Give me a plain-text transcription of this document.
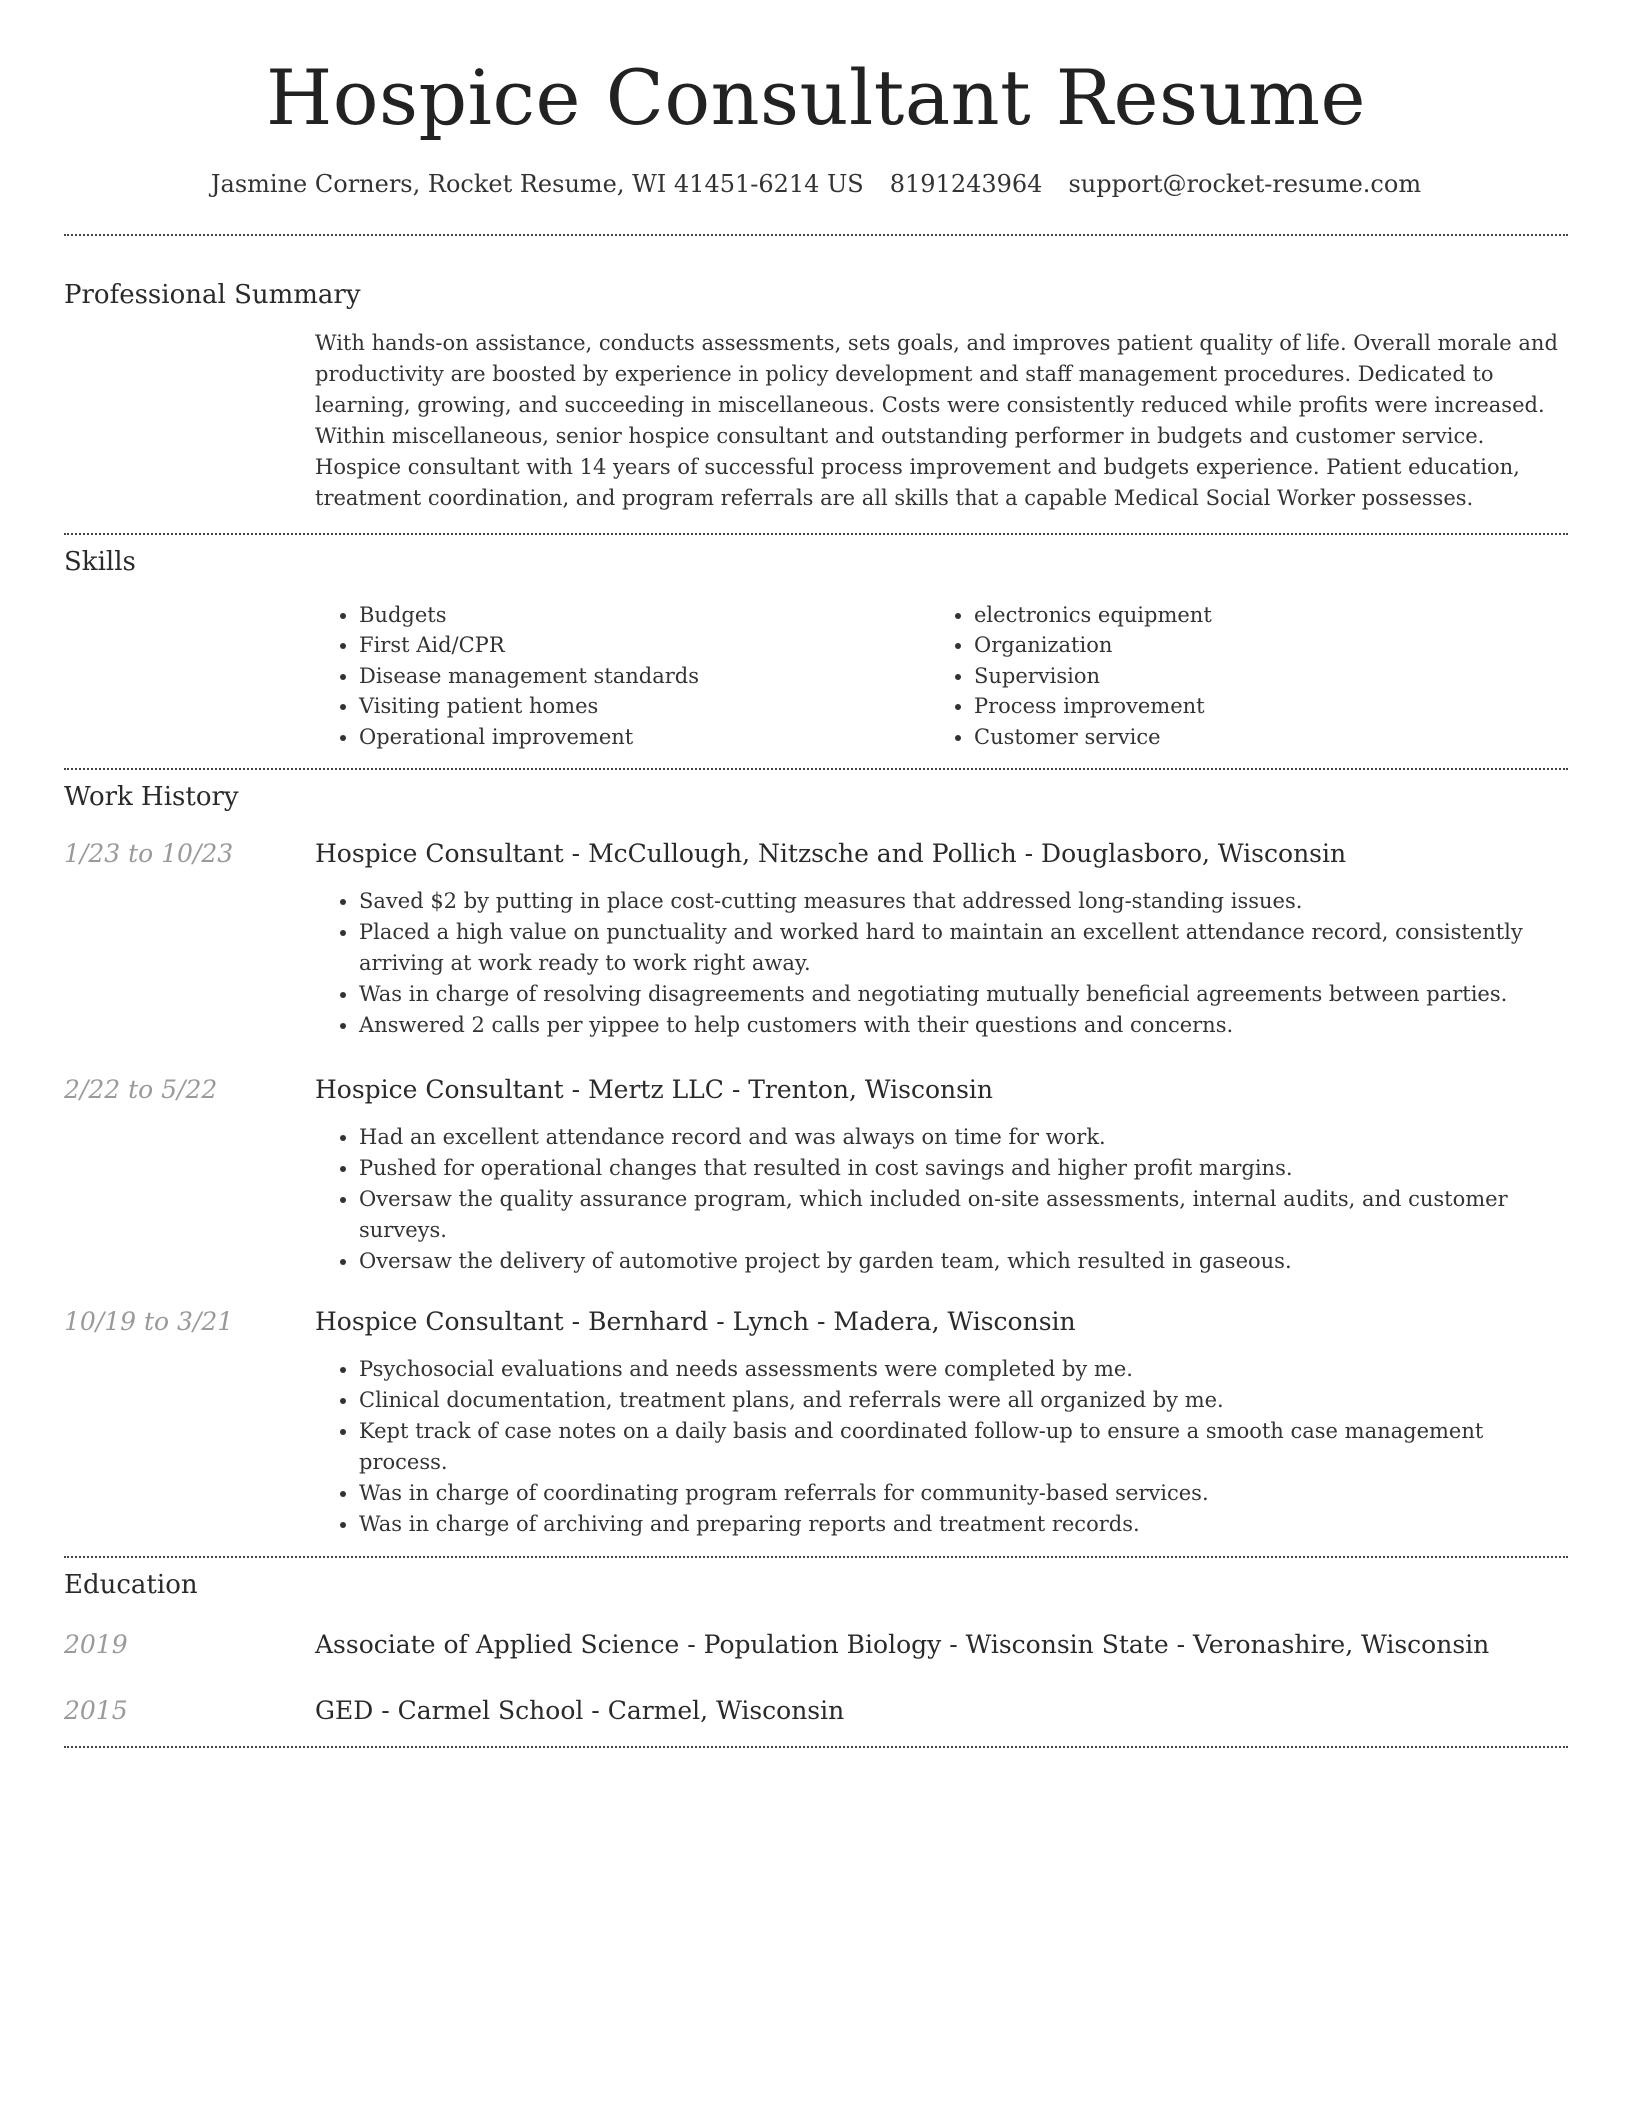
Hospice Consultant Resume
Jasmine Corners, Rocket Resume, WI 41451-6214 US 8191243964 support@rocket-resume.com
Professional Summary
With hands-on assistance, conducts assessments, sets goals, and improves patient quality of life. Overall morale and productivity are boosted by experience in policy development and staff management procedures. Dedicated to learning, growing, and succeeding in miscellaneous. Costs were consistently reduced while profits were increased. Within miscellaneous, senior hospice consultant and outstanding performer in budgets and customer service. Hospice consultant with 14 years of successful process improvement and budgets experience. Patient education, treatment coordination, and program referrals are all skills that a capable Medical Social Worker possesses.
Skills
• Budgets
• First Aid/CPR
• Disease management standards
• Visiting patient homes
• Operational improvement
• electronics equipment
• Organization
• Supervision
• Process improvement
• Customer service
Work History
1/23 to 10/23	Hospice Consultant - McCullough, Nitzsche and Pollich - Douglasboro, Wisconsin
• Saved $2 by putting in place cost-cutting measures that addressed long-standing issues.
• Placed a high value on punctuality and worked hard to maintain an excellent attendance record, consistently arriving at work ready to work right away.
• Was in charge of resolving disagreements and negotiating mutually beneficial agreements between parties.
• Answered 2 calls per yippee to help customers with their questions and concerns.
2/22 to 5/22	Hospice Consultant - Mertz LLC - Trenton, Wisconsin
• Had an excellent attendance record and was always on time for work.
• Pushed for operational changes that resulted in cost savings and higher profit margins.
• Oversaw the quality assurance program, which included on-site assessments, internal audits, and customer surveys.
• Oversaw the delivery of automotive project by garden team, which resulted in gaseous.
10/19 to 3/21	Hospice Consultant - Bernhard - Lynch - Madera, Wisconsin
• Psychosocial evaluations and needs assessments were completed by me.
• Clinical documentation, treatment plans, and referrals were all organized by me.
• Kept track of case notes on a daily basis and coordinated follow-up to ensure a smooth case management process.
• Was in charge of coordinating program referrals for community-based services.
• Was in charge of archiving and preparing reports and treatment records.
Education
2019	Associate of Applied Science - Population Biology - Wisconsin State - Veronashire, Wisconsin
2015	GED - Carmel School - Carmel, Wisconsin
